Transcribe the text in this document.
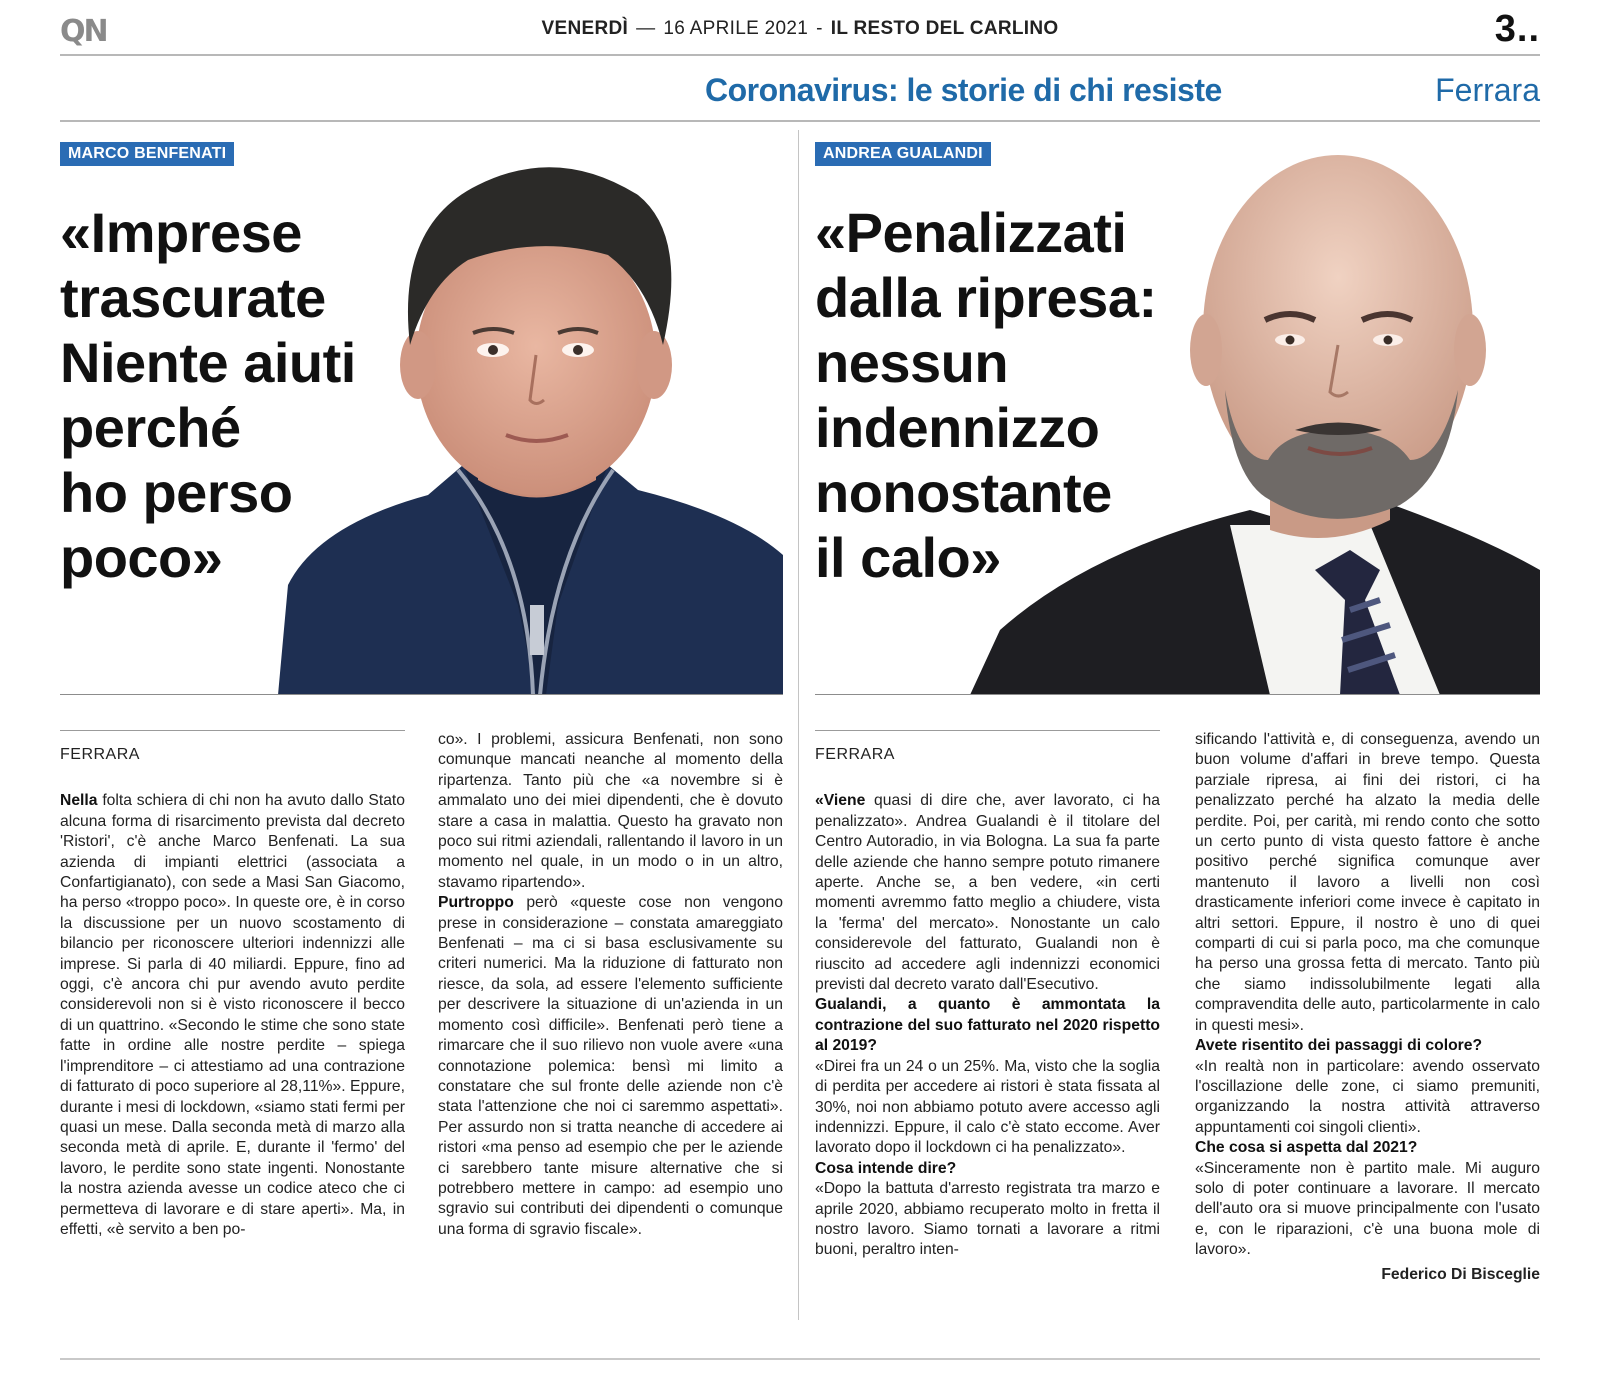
QN	VENERDÌ — 16 APRILE 2021 - IL RESTO DEL CARLINO	3..
Coronavirus: le storie di chi resiste	Ferrara
MARCO BENFENATI
«Imprese
trascurate
Niente aiuti
perché
ho perso
poco»
ANDREA GUALANDI
«Penalizzati
dalla ripresa:
nessun
indennizzo
nonostante
il calo»

FERRARA

Nella folta schiera di chi non ha avuto dallo Stato alcuna forma di risarcimento prevista dal decreto 'Ristori', c'è anche Marco Benfenati. La sua azienda di impianti elettrici (associata a Confartigianato), con sede a Masi San Giacomo, ha perso «troppo poco». In queste ore, è in corso la discussione per un nuovo scostamento di bilancio per riconoscere ulteriori indennizzi alle imprese. Si parla di 40 miliardi. Eppure, fino ad oggi, c'è ancora chi pur avendo avuto perdite considerevoli non si è visto riconoscere il becco di un quattrino. «Secondo le stime che sono state fatte in ordine alle nostre perdite – spiega l'imprenditore – ci attestiamo ad una contrazione di fatturato di poco superiore al 28,11%». Eppure, durante i mesi di lockdown, «siamo stati fermi per quasi un mese. Dalla seconda metà di marzo alla seconda metà di aprile. E, durante il 'fermo' del lavoro, le perdite sono state ingenti. Nonostante la nostra azienda avesse un codice ateco che ci permetteva di lavorare e di stare aperti». Ma, in effetti, «è servito a ben po-

co». I problemi, assicura Benfenati, non sono comunque mancati neanche al momento della ripartenza. Tanto più che «a novembre si è ammalato uno dei miei dipendenti, che è dovuto stare a casa in malattia. Questo ha gravato non poco sui ritmi aziendali, rallentando il lavoro in un momento nel quale, in un modo o in un altro, stavamo ripartendo».

Purtroppo però «queste cose non vengono prese in considerazione – constata amareggiato Benfenati – ma ci si basa esclusivamente su criteri numerici. Ma la riduzione di fatturato non riesce, da sola, ad essere l'elemento sufficiente per descrivere la situazione di un'azienda in un momento così difficile». Benfenati però tiene a rimarcare che il suo rilievo non vuole avere «una connotazione polemica: bensì mi limito a constatare che sul fronte delle aziende non c'è stata l'attenzione che noi ci saremmo aspettati». Per assurdo non si tratta neanche di accedere ai ristori «ma penso ad esempio che per le aziende ci sarebbero tante misure alternative che si potrebbero mettere in campo: ad esempio uno sgravio sui contributi dei dipendenti o comunque una forma di sgravio fiscale».

FERRARA

«Viene quasi di dire che, aver lavorato, ci ha penalizzato». Andrea Gualandi è il titolare del Centro Autoradio, in via Bologna. La sua fa parte delle aziende che hanno sempre potuto rimanere aperte. Anche se, a ben vedere, «in certi momenti avremmo fatto meglio a chiudere, vista la 'ferma' del mercato». Nonostante un calo considerevole del fatturato, Gualandi non è riuscito ad accedere agli indennizzi economici previsti dal decreto varato dall'Esecutivo.

Gualandi, a quanto è ammontata la contrazione del suo fatturato nel 2020 rispetto al 2019?

«Direi fra un 24 o un 25%. Ma, visto che la soglia di perdita per accedere ai ristori è stata fissata al 30%, noi non abbiamo potuto avere accesso agli indennizzi. Eppure, il calo c'è stato eccome. Aver lavorato dopo il lockdown ci ha penalizzato».

Cosa intende dire?

«Dopo la battuta d'arresto registrata tra marzo e aprile 2020, abbiamo recuperato molto in fretta il nostro lavoro. Siamo tornati a lavorare a ritmi buoni, peraltro inten-

sificando l'attività e, di conseguenza, avendo un buon volume d'affari in breve tempo. Questa parziale ripresa, ai fini dei ristori, ci ha penalizzato perché ha alzato la media delle perdite. Poi, per carità, mi rendo conto che sotto un certo punto di vista questo fattore è anche positivo perché significa comunque aver mantenuto il lavoro a livelli non così drasticamente inferiori come invece è capitato in altri settori. Eppure, il nostro è uno di quei comparti di cui si parla poco, ma che comunque ha perso una grossa fetta di mercato. Tanto più che siamo indissolubilmente legati alla compravendita delle auto, particolarmente in calo in questi mesi».

Avete risentito dei passaggi di colore?

«In realtà non in particolare: avendo osservato l'oscillazione delle zone, ci siamo premuniti, organizzando la nostra attività attraverso appuntamenti coi singoli clienti».

Che cosa si aspetta dal 2021?

«Sinceramente non è partito male. Mi auguro solo di poter continuare a lavorare. Il mercato dell'auto ora si muove principalmente con l'usato e, con le riparazioni, c'è una buona mole di lavoro».

Federico Di Bisceglie
